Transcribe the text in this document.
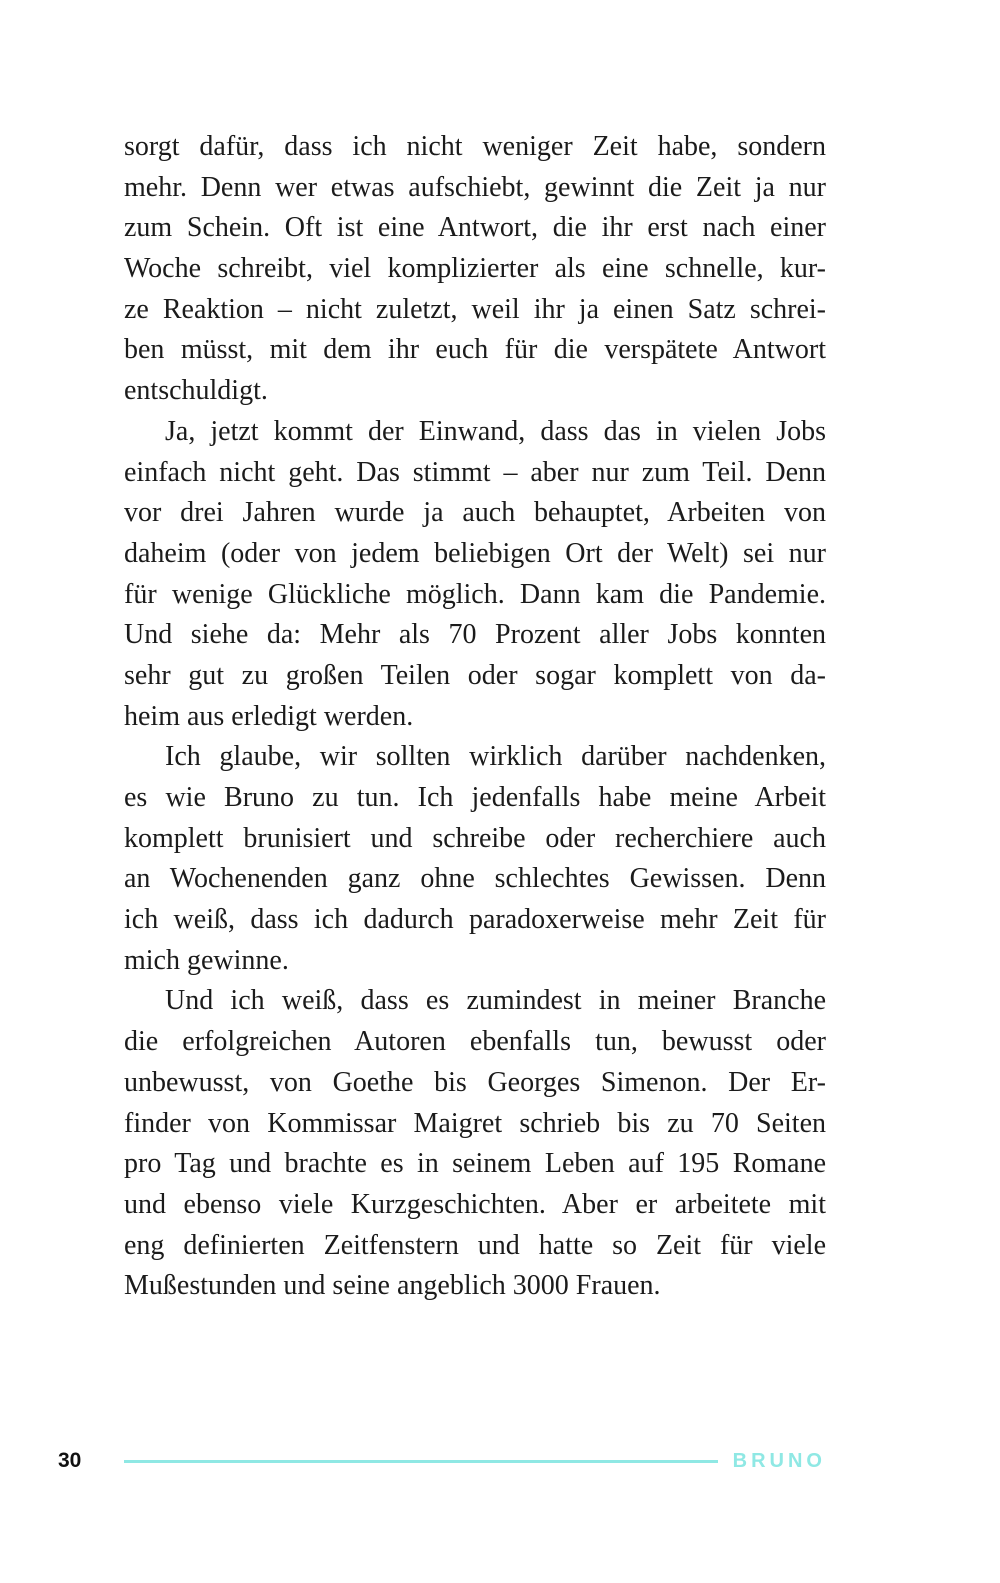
sorgt dafür, dass ich nicht weniger Zeit habe, sondern
mehr. Denn wer etwas aufschiebt, gewinnt die Zeit ja nur
zum Schein. Oft ist eine Antwort, die ihr erst nach einer
Woche schreibt, viel komplizierter als eine schnelle, kur-
ze Reaktion – nicht zuletzt, weil ihr ja einen Satz schrei-
ben müsst, mit dem ihr euch für die verspätete Antwort
entschuldigt.
Ja, jetzt kommt der Einwand, dass das in vielen Jobs
einfach nicht geht. Das stimmt – aber nur zum Teil. Denn
vor drei Jahren wurde ja auch behauptet, Arbeiten von
daheim (oder von jedem beliebigen Ort der Welt) sei nur
für wenige Glückliche möglich. Dann kam die Pandemie.
Und siehe da: Mehr als 70 Prozent aller Jobs konnten
sehr gut zu großen Teilen oder sogar komplett von da-
heim aus erledigt werden.
Ich glaube, wir sollten wirklich darüber nachdenken,
es wie Bruno zu tun. Ich jedenfalls habe meine Arbeit
komplett brunisiert und schreibe oder recherchiere auch
an Wochenenden ganz ohne schlechtes Gewissen. Denn
ich weiß, dass ich dadurch paradoxerweise mehr Zeit für
mich gewinne.
Und ich weiß, dass es zumindest in meiner Branche
die erfolgreichen Autoren ebenfalls tun, bewusst oder
unbewusst, von Goethe bis Georges Simenon. Der Er-
finder von Kommissar Maigret schrieb bis zu 70 Seiten
pro Tag und brachte es in seinem Leben auf 195 Romane
und ebenso viele Kurzgeschichten. Aber er arbeitete mit
eng definierten Zeitfenstern und hatte so Zeit für viele
Mußestunden und seine angeblich 3000 Frauen.
30	BRUNO
